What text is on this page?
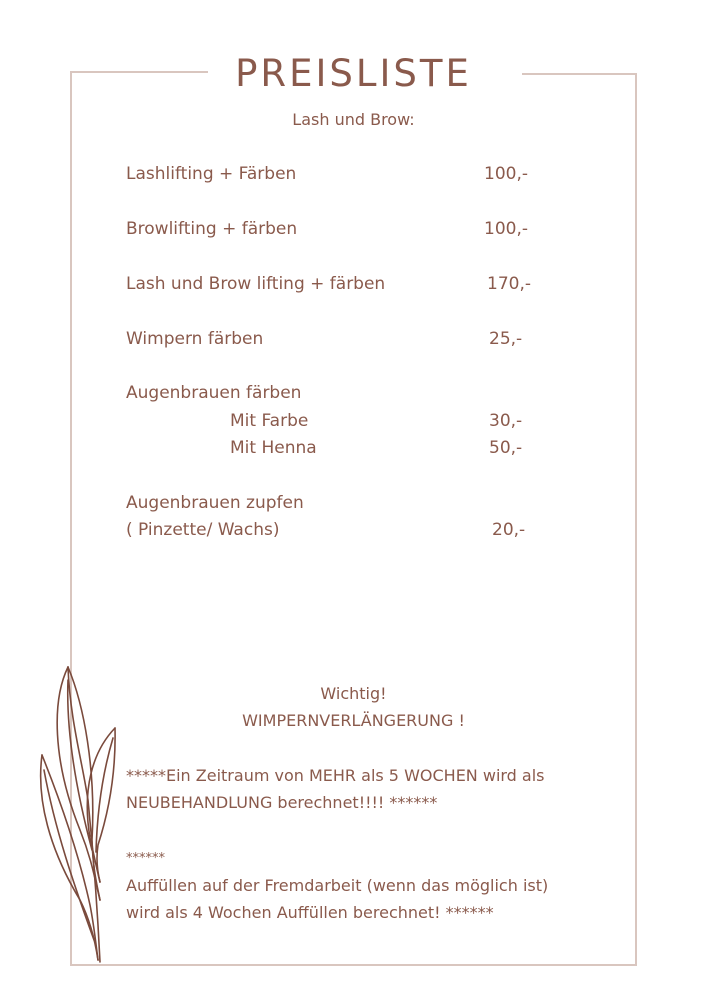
PREISLISTE
Lash und Brow:
Lashlifting + Färben	100,-
Browlifting + färben	100,-
Lash und Brow lifting + färben	170,-
Wimpern färben	25,-
Augenbrauen färben
Mit Farbe	30,-
Mit Henna	50,-
Augenbrauen zupfen
( Pinzette/ Wachs)	20,-
Wichtig!
WIMPERNVERLÄNGERUNG !
*****Ein Zeitraum von MEHR als 5 WOCHEN wird als
NEUBEHANDLUNG berechnet!!!! ******
******
Auffüllen auf der Fremdarbeit (wenn das möglich ist)
wird als 4 Wochen Auffüllen berechnet! ******
